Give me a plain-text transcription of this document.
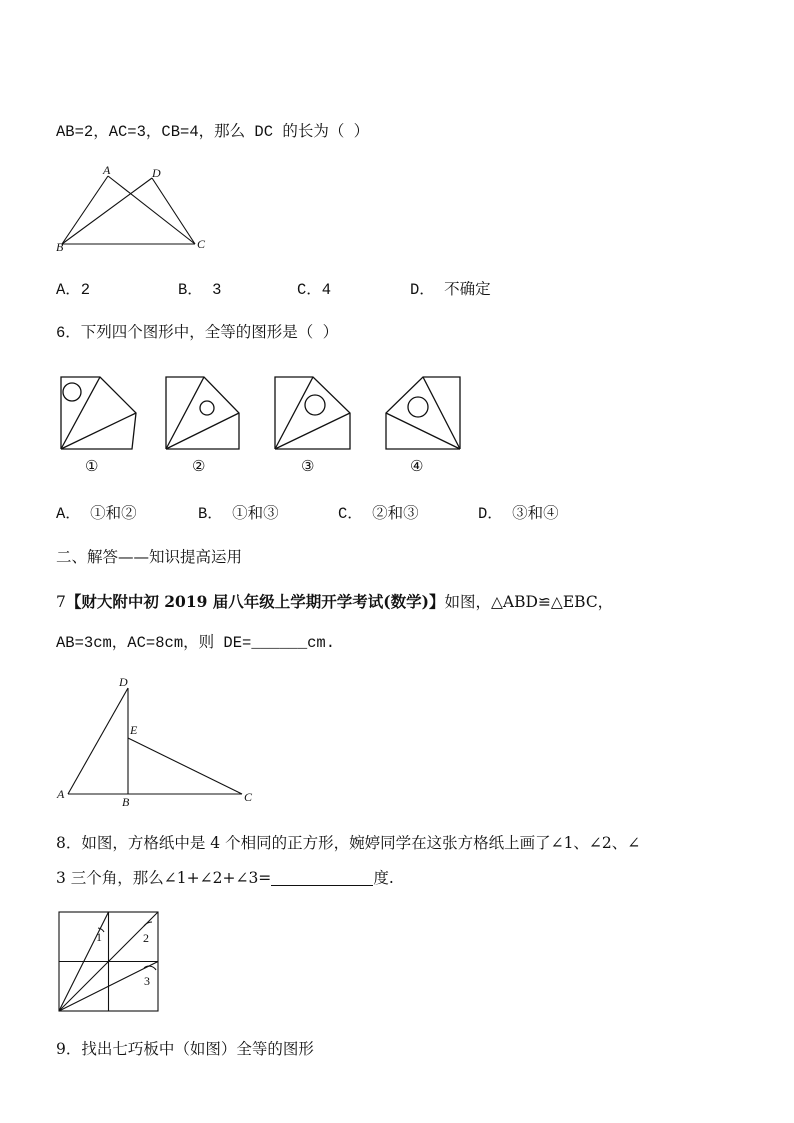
AB=2，AC=3，CB=4，那么 DC 的长为（ ）
A	D
B	C
A．2	B． 3	C．4	D． 不确定
6．下列四个图形中，全等的图形是（ ）
①	②	③	④
A． ①和②	B． ①和③	C． ②和③	D． ③和④
二、解答——知识提高运用
7【财大附中初 2019 届八年级上学期开学考试(数学)】如图，△ABD≌△EBC，
AB=3cm，AC=8cm，则 DE=______cm.
D
E
A
B	C
8．如图，方格纸中是 4 个相同的正方形，婉婷同学在这张方格纸上画了∠1、∠2、∠
3 三个角，那么∠1+∠2+∠3=	度.
1	2
3
9．找出七巧板中（如图）全等的图形
